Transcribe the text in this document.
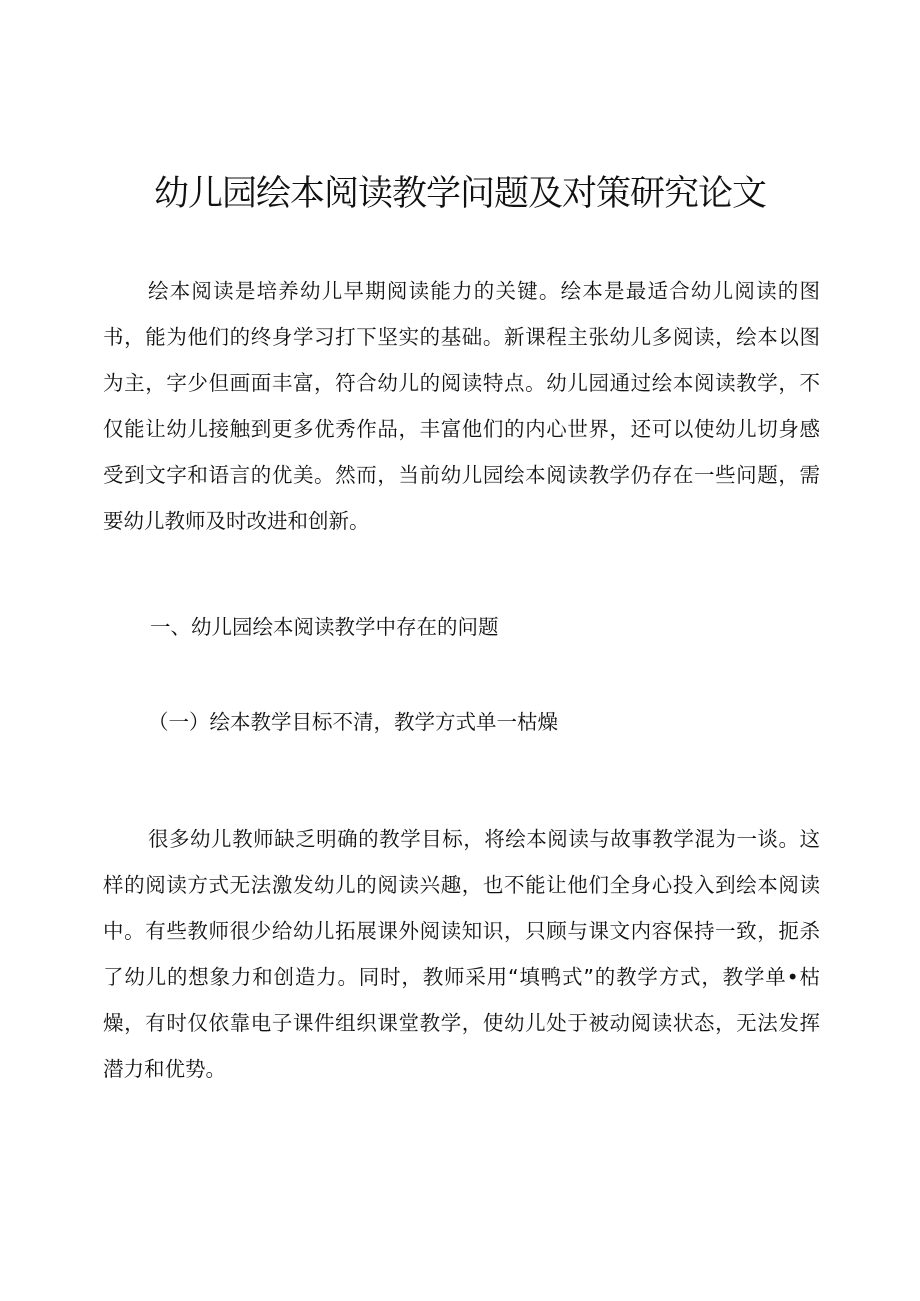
幼儿园绘本阅读教学问题及对策研究论文

绘本阅读是培养幼儿早期阅读能力的关键。绘本是最适合幼儿阅读的图书，能为他们的终身学习打下坚实的基础。新课程主张幼儿多阅读，绘本以图为主，字少但画面丰富，符合幼儿的阅读特点。幼儿园通过绘本阅读教学，不仅能让幼儿接触到更多优秀作品，丰富他们的内心世界，还可以使幼儿切身感受到文字和语言的优美。然而，当前幼儿园绘本阅读教学仍存在一些问题，需要幼儿教师及时改进和创新。

一、幼儿园绘本阅读教学中存在的问题
（一）绘本教学目标不清，教学方式单一枯燥

很多幼儿教师缺乏明确的教学目标，将绘本阅读与故事教学混为一谈。这样的阅读方式无法激发幼儿的阅读兴趣，也不能让他们全身心投入到绘本阅读中。有些教师很少给幼儿拓展课外阅读知识，只顾与课文内容保持一致，扼杀了幼儿的想象力和创造力。同时，教师采用“填鸭式”的教学方式，教学单•枯燥，有时仅依靠电子课件组织课堂教学，使幼儿处于被动阅读状态，无法发挥潜力和优势。
